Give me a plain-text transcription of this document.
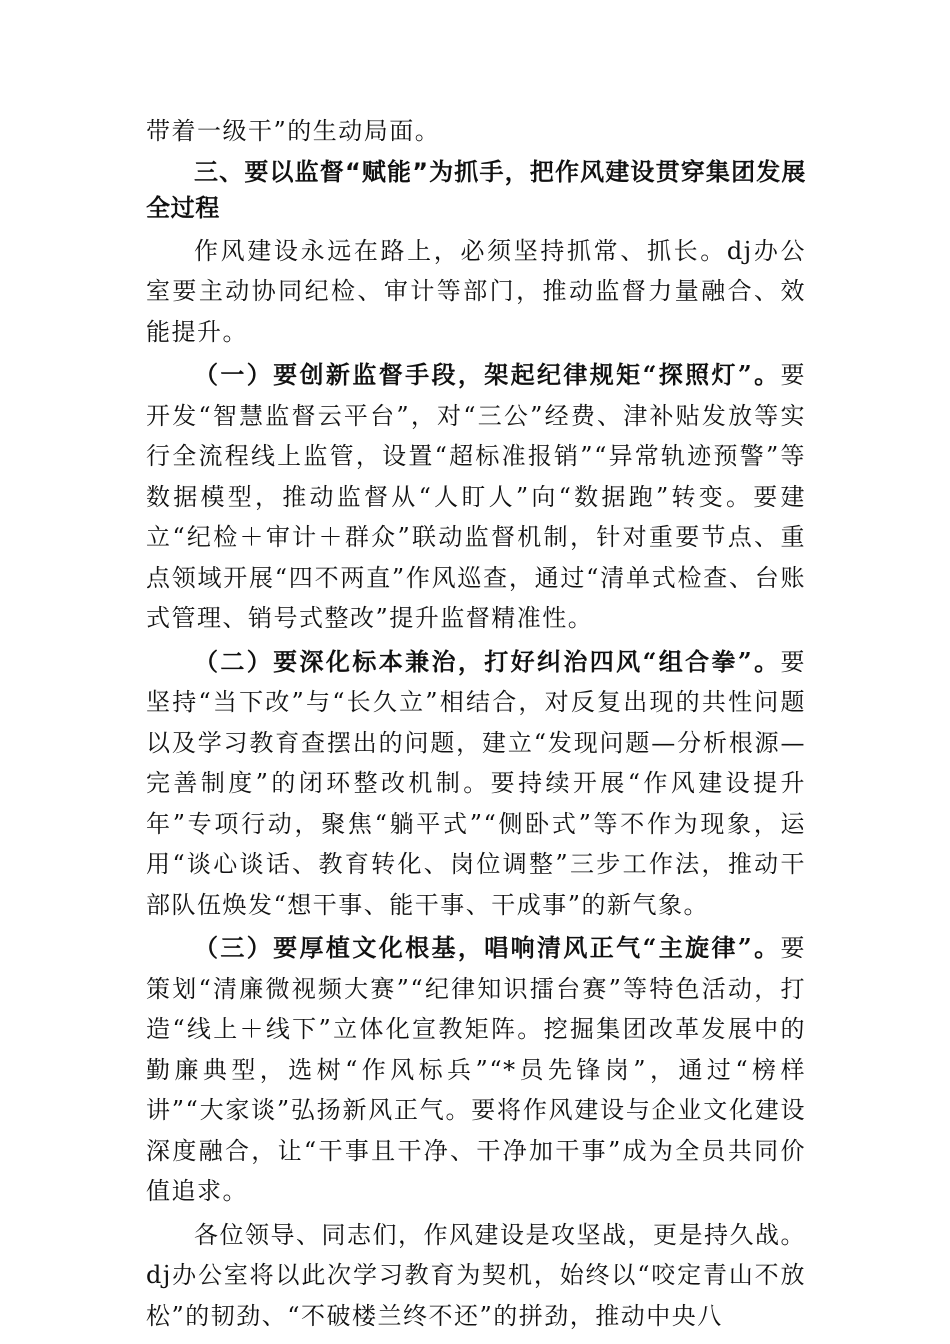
带着一级干”的生动局面。

三、要以监督“赋能”为抓手，把作风建设贯穿集团发展全过程

作风建设永远在路上，必须坚持抓常、抓长。dj办公室要主动协同纪检、审计等部门，推动监督力量融合、效能提升。

（一）要创新监督手段，架起纪律规矩“探照灯”。要开发“智慧监督云平台”，对“三公”经费、津补贴发放等实行全流程线上监管，设置“超标准报销”“异常轨迹预警”等数据模型，推动监督从“人盯人”向“数据跑”转变。要建立“纪检＋审计＋群众”联动监督机制，针对重要节点、重点领域开展“四不两直”作风巡查，通过“清单式检查、台账式管理、销号式整改”提升监督精准性。

（二）要深化标本兼治，打好纠治四风“组合拳”。要坚持“当下改”与“长久立”相结合，对反复出现的共性问题以及学习教育查摆出的问题，建立“发现问题—分析根源—完善制度”的闭环整改机制。要持续开展“作风建设提升年”专项行动，聚焦“躺平式”“侧卧式”等不作为现象，运用“谈心谈话、教育转化、岗位调整”三步工作法，推动干部队伍焕发“想干事、能干事、干成事”的新气象。

（三）要厚植文化根基，唱响清风正气“主旋律”。要策划“清廉微视频大赛”“纪律知识擂台赛”等特色活动，打造“线上＋线下”立体化宣教矩阵。挖掘集团改革发展中的勤廉典型，选树“作风标兵”“*员先锋岗”，通过“榜样讲”“大家谈”弘扬新风正气。要将作风建设与企业文化建设深度融合，让“干事且干净、干净加干事”成为全员共同价值追求。

各位领导、同志们，作风建设是攻坚战，更是持久战。dj办公室将以此次学习教育为契机，始终以“咬定青山不放松”的韧劲、“不破楼兰终不还”的拼劲，推动中央八
